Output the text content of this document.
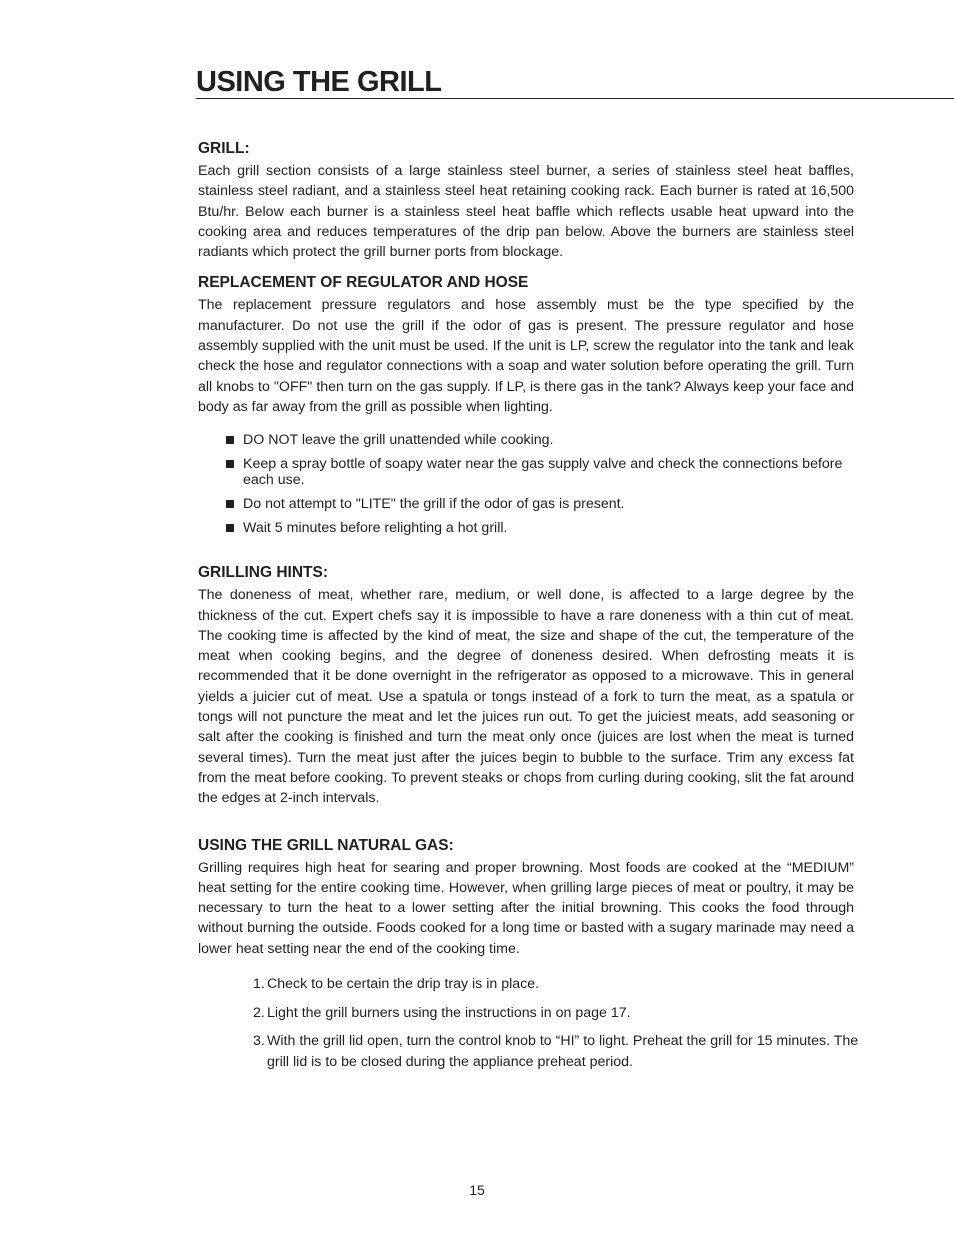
USING THE GRILL
GRILL:

Each grill section consists of a large stainless steel burner, a series of stainless steel heat baffles, stainless steel radiant, and a stainless steel heat retaining cooking rack. Each burner is rated at 16,500 Btu/hr. Below each burner is a stainless steel heat baffle which reflects usable heat upward into the cooking area and reduces temperatures of the drip pan below. Above the burners are stainless steel radiants which protect the grill burner ports from blockage.

REPLACEMENT OF REGULATOR AND HOSE

The replacement pressure regulators and hose assembly must be the type specified by the manufacturer. Do not use the grill if the odor of gas is present. The pressure regulator and hose assembly supplied with the unit must be used. If the unit is LP, screw the regulator into the tank and leak check the hose and regulator connections with a soap and water solution before operating the grill. Turn all knobs to "OFF" then turn on the gas supply. If LP, is there gas in the tank? Always keep your face and body as far away from the grill as possible when lighting.

DO NOT leave the grill unattended while cooking.
Keep a spray bottle of soapy water near the gas supply valve and check the connections before each use.
Do not attempt to "LITE" the grill if the odor of gas is present.
Wait 5 minutes before relighting a hot grill.
GRILLING HINTS:

The doneness of meat, whether rare, medium, or well done, is affected to a large degree by the thickness of the cut. Expert chefs say it is impossible to have a rare doneness with a thin cut of meat. The cooking time is affected by the kind of meat, the size and shape of the cut, the temperature of the meat when cooking begins, and the degree of doneness desired. When defrosting meats it is recommended that it be done overnight in the refrigerator as opposed to a microwave. This in general yields a juicier cut of meat. Use a spatula or tongs instead of a fork to turn the meat, as a spatula or tongs will not puncture the meat and let the juices run out. To get the juiciest meats, add seasoning or salt after the cooking is finished and turn the meat only once (juices are lost when the meat is turned several times). Turn the meat just after the juices begin to bubble to the surface. Trim any excess fat from the meat before cooking. To prevent steaks or chops from curling during cooking, slit the fat around the edges at 2-inch intervals.

USING THE GRILL NATURAL GAS:

Grilling requires high heat for searing and proper browning. Most foods are cooked at the “MEDIUM” heat setting for the entire cooking time. However, when grilling large pieces of meat or poultry, it may be necessary to turn the heat to a lower setting after the initial browning. This cooks the food through without burning the outside. Foods cooked for a long time or basted with a sugary marinade may need a lower heat setting near the end of the cooking time.

1. Check to be certain the drip tray is in place.
2. Light the grill burners using the instructions in on page 17.
3. With the grill lid open, turn the control knob to “HI” to light. Preheat the grill for 15 minutes. The grill lid is to be closed during the appliance preheat period.
15
